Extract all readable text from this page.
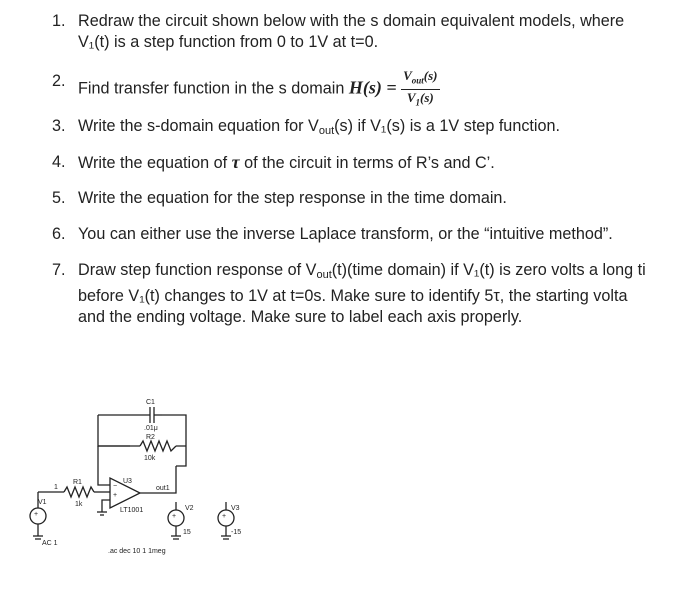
1. Redraw the circuit shown below with the s domain equivalent models, where
V₁(t) is a step function from 0 to 1V at t=0.
2. Find transfer function in the s domain $H(s) = \frac{V_{out}(s)}{V_1(s)}$
3. Write the s-domain equation for $V_{out}(s)$ if V₁(s) is a 1V step function.
4. Write the equation of τ of the circuit in terms of R’s and C’.
5. Write the equation for the step response in the time domain.
6. You can either use the inverse Laplace transform, or the “intuitive method”.
7. Draw step function response of $V_{out}(t)(time$ domain) if V₁(t) is zero volts a long ti
before V₁(t) changes to 1V at t=0s. Make sure to identify 5τ, the starting volta
and the ending voltage. Make sure to label each axis properly.
+	+	+
+
−
C1
.01μ
R2
10k
R1
1k
U3
LT1001
out1
1
V1
AC 1
V2
15
V3
-15
.ac dec 10 1 1meg
